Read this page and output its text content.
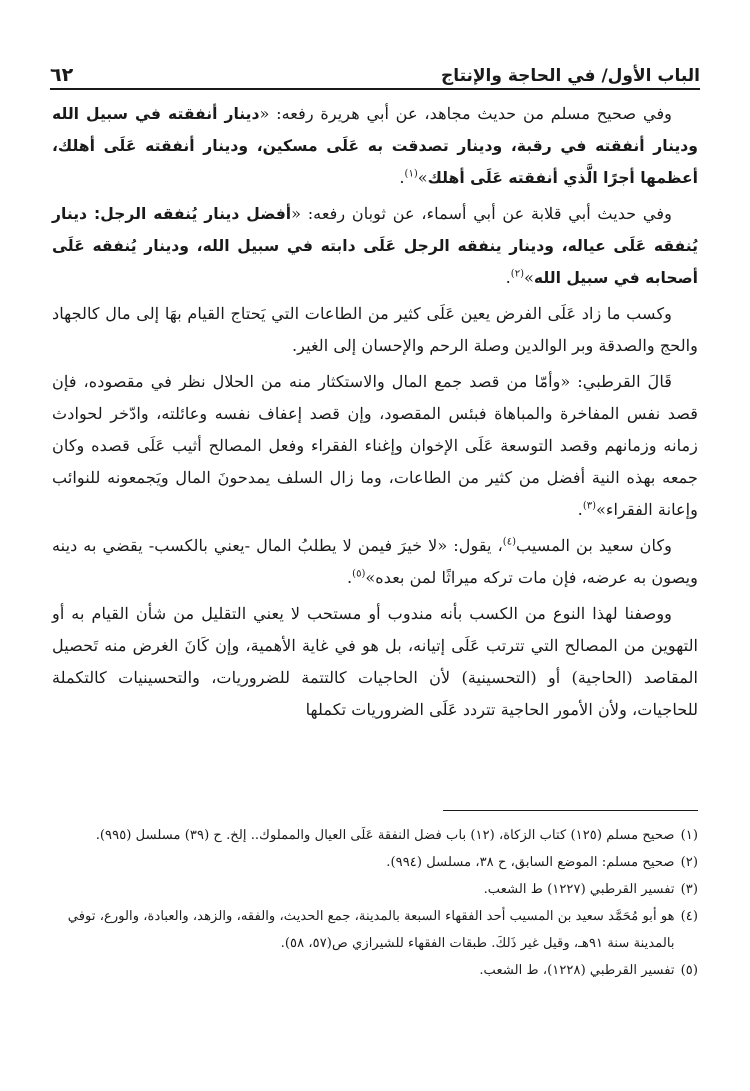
الباب الأول/ في الحاجة والإنتاج
٦٢

وفي صحيح مسلم من حديث مجاهد، عن أبي هريرة رفعه: «دينار أنفقته في سبيل الله ودينار أنفقته في رقبة، ودينار تصدقت به عَلَى مسكين، ودينار أنفقته عَلَى أهلك، أعظمها أجرًا الَّذي أنفقته عَلَى أهلك»$^{(١)}$.

وفي حديث أبي قلابة عن أبي أسماء، عن ثوبان رفعه: «أفضل دينار يُنفقه الرجل: دينار يُنفقه عَلَى عياله، ودينار ينفقه الرجل عَلَى دابته في سبيل الله، ودينار يُنفقه عَلَى أصحابه في سبيل الله»$^{(٢)}$.

وكسب ما زاد عَلَى الفرض يعين عَلَى كثير من الطاعات التي يَحتاج القيام بهَا إلى مال كالجهاد والحج والصدقة وبر الوالدين وصلة الرحم والإحسان إلى الغير.

قَالَ القرطبي: «وأمّا من قصد جمع المال والاستكثار منه من الحلال نظر في مقصوده، فإن قصد نفس المفاخرة والمباهاة فبئس المقصود، وإن قصد إعفاف نفسه وعائلته، وادّخر لحوادث زمانه وزمانهم وقصد التوسعة عَلَى الإخوان وإغناء الفقراء وفعل المصالح أثيب عَلَى قصده وكان جمعه بهذه النية أفضل من كثير من الطاعات، وما زال السلف يمدحونَ المال ويَجمعونه للنوائب وإعانة الفقراء»$^{(٣)}$.

وكان سعيد بن المسيب$^{(٤)}$، يقول: «لا خيرَ فيمن لا يطلبُ المال -يعني بالكسب- يقضي به دينه ويصون به عرضه، فإن مات تركه ميراثًا لمن بعده»$^{(٥)}$.

ووصفنا لهذا النوع من الكسب بأنه مندوب أو مستحب لا يعني التقليل من شأن القيام به أو التهوين من المصالح التي تترتب عَلَى إتيانه، بل هو في غاية الأهمية، وإن كَانَ الغرض منه تَحصيل المقاصد (الحاجية) أو (التحسينية) لأن الحاجيات كالتتمة للضروريات، والتحسينيات كالتكملة للحاجيات، ولأن الأمور الحاجية تتردد عَلَى الضروريات تكملها

(١)
صحيح مسلم (١٢٥) كتاب الزكاة، (١٢) باب فضل النفقة عَلَى العيال والمملوك.. إلخ. ح (٣٩) مسلسل (٩٩٥).
(٢)
صحيح مسلم: الموضع السابق، ح ٣٨، مسلسل (٩٩٤).
(٣)
تفسير القرطبي (١٢٢٧) ط الشعب.
(٤)
هو أبو مُحَمَّد سعيد بن المسيب أحد الفقهاء السبعة بالمدينة، جمع الحديث، والفقه، والزهد، والعبادة، والورع، توفي بالمدينة سنة ٩١هـ، وقيل غير ذَلكَ. طبقات الفقهاء للشيرازي ص(٥٧، ٥٨).
(٥)
تفسير القرطبي (١٢٢٨)، ط الشعب.
